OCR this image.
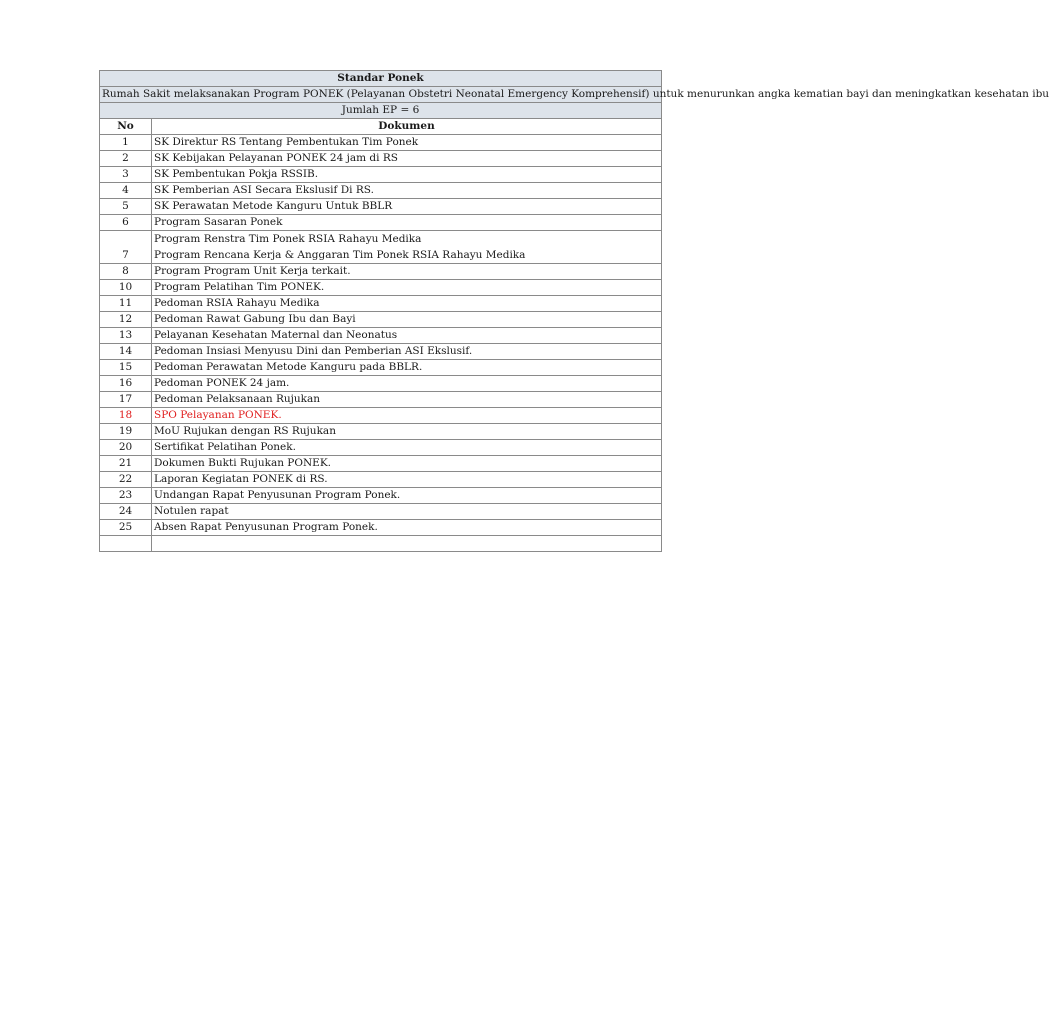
Standar Ponek	
Rumah Sakit melaksanakan Program PONEK (Pelayanan Obstetri Neonatal Emergency Komprehensif) untuk menurunkan angka kematian bayi dan meningkatkan kesehatan ibu	
Jumlah EP = 6	
No	Dokumen
1	SK Direktur RS Tentang Pembentukan Tim Ponek
2	SK Kebijakan Pelayanan PONEK 24 jam di RS
3	SK Pembentukan Pokja RSSIB.
4	SK Pemberian ASI Secara Ekslusif Di RS.
5	SK Perawatan Metode Kanguru Untuk BBLR
6	Program Sasaran Ponek
7	Program Renstra Tim Ponek RSIA Rahayu Medika
Program Rencana Kerja & Anggaran Tim Ponek RSIA Rahayu Medika

8	Program Program Unit Kerja terkait.
10	Program Pelatihan Tim PONEK.
11	Pedoman RSIA Rahayu Medika
12	Pedoman Rawat Gabung Ibu dan Bayi
13	Pelayanan Kesehatan Maternal dan Neonatus
14	Pedoman Insiasi Menyusu Dini dan Pemberian ASI Ekslusif.
15	Pedoman Perawatan Metode Kanguru pada BBLR.
16	Pedoman PONEK 24 jam.
17	Pedoman Pelaksanaan Rujukan
18	SPO Pelayanan PONEK.
19	MoU Rujukan dengan RS Rujukan
20	Sertifikat Pelatihan Ponek.
21	Dokumen Bukti Rujukan PONEK.
22	Laporan Kegiatan PONEK di RS.
23	Undangan Rapat Penyusunan Program Ponek.
24	Notulen rapat
25	Absen Rapat Penyusunan Program Ponek.
